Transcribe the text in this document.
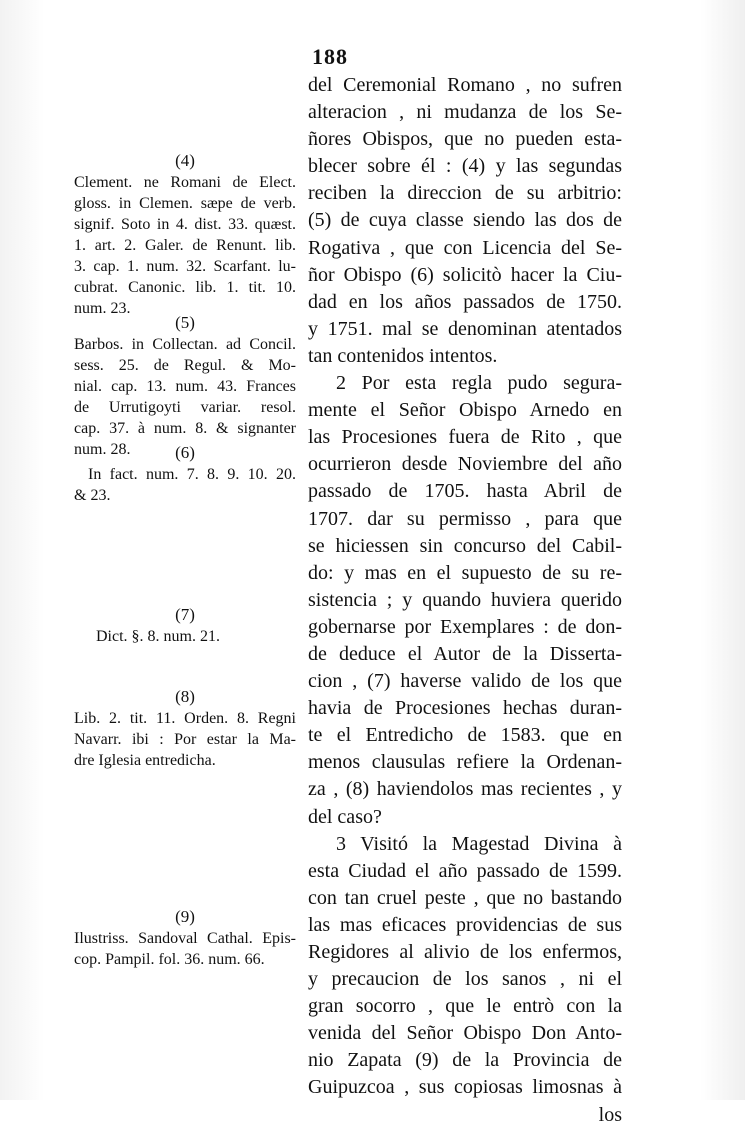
188
del Ceremonial Romano , no sufren
alteracion , ni mudanza de los Se-
ñores Obispos, que no pueden esta-
blecer sobre él : (4) y las segundas
reciben la direccion de su arbitrio:
(5) de cuya classe siendo las dos de
Rogativa , que con Licencia del Se-
ñor Obispo (6) solicitò hacer la Ciu-
dad en los años passados de 1750.
y 1751. mal se denominan atentados
tan contenidos intentos.
2 Por esta regla pudo segura-
mente el Señor Obispo Arnedo en
las Procesiones fuera de Rito , que
ocurrieron desde Noviembre del año
passado de 1705. hasta Abril de
1707. dar su permisso , para que
se hiciessen sin concurso del Cabil-
do: y mas en el supuesto de su re-
sistencia ; y quando huviera querido
gobernarse por Exemplares : de don-
de deduce el Autor de la Disserta-
cion , (7) haverse valido de los que
havia de Procesiones hechas duran-
te el Entredicho de 1583. que en
menos clausulas refiere la Ordenan-
za , (8) haviendolos mas recientes , y
del caso?
3 Visitó la Magestad Divina à
esta Ciudad el año passado de 1599.
con tan cruel peste , que no bastando
las mas eficaces providencias de sus
Regidores al alivio de los enfermos,
y precaucion de los sanos , ni el
gran socorro , que le entrò con la
venida del Señor Obispo Don Anto-
nio Zapata (9) de la Provincia de
Guipuzcoa , sus copiosas limosnas à
los
(4)
Clement. ne Romani de Elect.
gloss. in Clemen. sæpe de verb.
signif. Soto in 4. dist. 33. quæst.
1. art. 2. Galer. de Renunt. lib.
3. cap. 1. num. 32. Scarfant. lu-
cubrat. Canonic. lib. 1. tit. 10.
num. 23.
(5)
Barbos. in Collectan. ad Concil.
sess. 25. de Regul. & Mo-
nial. cap. 13. num. 43. Frances
de Urrutigoyti variar. resol.
cap. 37. à num. 8. & signanter
num. 28.	(6)
In fact. num. 7. 8. 9. 10. 20.
& 23.
(7)
Dict. §. 8. num. 21.
(8)
Lib. 2. tit. 11. Orden. 8. Regni
Navarr. ibi : Por estar la Ma-
dre Iglesia entredicha.
(9)
Ilustriss. Sandoval Cathal. Epis-
cop. Pampil. fol. 36. num. 66.
